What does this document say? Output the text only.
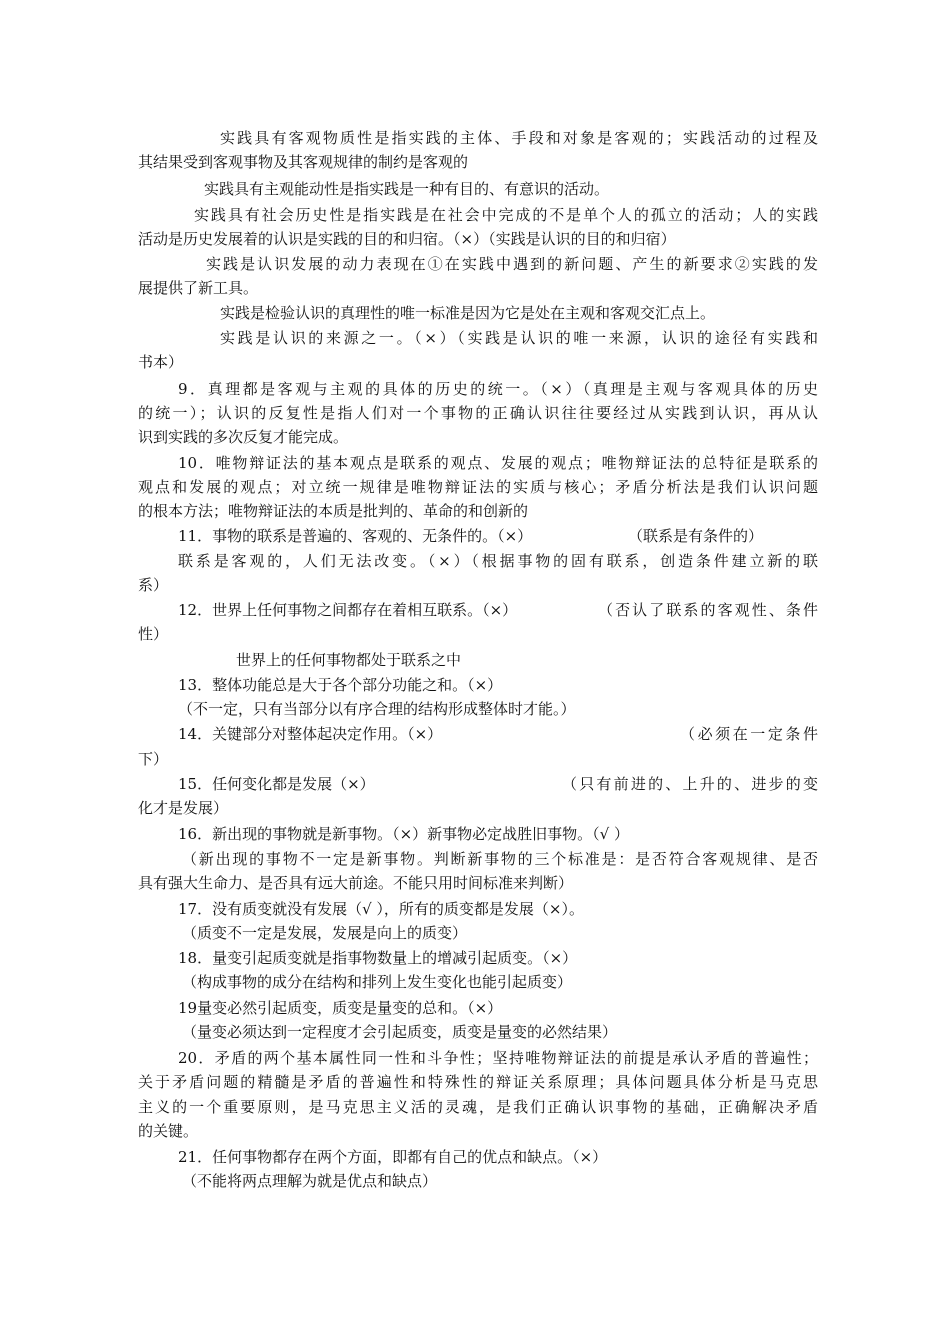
实践具有客观物质性是指实践的主体、手段和对象是客观的；实践活动的过程及
其结果受到客观事物及其客观规律的制约是客观的
实践具有主观能动性是指实践是一种有目的、有意识的活动。
实践具有社会历史性是指实践是在社会中完成的不是单个人的孤立的活动；人的实践
活动是历史发展着的认识是实践的目的和归宿。（×）（实践是认识的目的和归宿）
实践是认识发展的动力表现在①在实践中遇到的新问题、产生的新要求②实践的发
展提供了新工具。
实践是检验认识的真理性的唯一标准是因为它是处在主观和客观交汇点上。
实践是认识的来源之一。（×）（实践是认识的唯一来源，认识的途径有实践和
书本）
9．真理都是客观与主观的具体的历史的统一。（×）（真理是主观与客观具体的历史
的统一）；认识的反复性是指人们对一个事物的正确认识往往要经过从实践到认识，再从认
识到实践的多次反复才能完成。
10．唯物辩证法的基本观点是联系的观点、发展的观点；唯物辩证法的总特征是联系的
观点和发展的观点；对立统一规律是唯物辩证法的实质与核心；矛盾分析法是我们认识问题
的根本方法；唯物辩证法的本质是批判的、革命的和创新的
11．事物的联系是普遍的、客观的、无条件的。（×）	（联系是有条件的）
联系是客观的，人们无法改变。（×）（根据事物的固有联系，创造条件建立新的联
系）
12．世界上任何事物之间都存在着相互联系。（×）	（否认了联系的客观性、条件
性）
世界上的任何事物都处于联系之中
13．整体功能总是大于各个部分功能之和。（×）
（不一定，只有当部分以有序合理的结构形成整体时才能。）
14．关键部分对整体起决定作用。（×）	（必须在一定条件
下）
15．任何变化都是发展（×）	（只有前进的、上升的、进步的变
化才是发展）
16．新出现的事物就是新事物。（×）新事物必定战胜旧事物。（√ ）
（新出现的事物不一定是新事物。判断新事物的三个标准是：是否符合客观规律、是否
具有强大生命力、是否具有远大前途。不能只用时间标准来判断）
17．没有质变就没有发展（√ ），所有的质变都是发展（×）。
（质变不一定是发展，发展是向上的质变）
18．量变引起质变就是指事物数量上的增减引起质变。（×）
（构成事物的成分在结构和排列上发生变化也能引起质变）
19量变必然引起质变，质变是量变的总和。（×）
（量变必须达到一定程度才会引起质变，质变是量变的必然结果）
20．矛盾的两个基本属性同一性和斗争性；坚持唯物辩证法的前提是承认矛盾的普遍性；
关于矛盾问题的精髓是矛盾的普遍性和特殊性的辩证关系原理；具体问题具体分析是马克思
主义的一个重要原则，是马克思主义活的灵魂，是我们正确认识事物的基础，正确解决矛盾
的关键。
21．任何事物都存在两个方面，即都有自己的优点和缺点。（×）
（不能将两点理解为就是优点和缺点）
